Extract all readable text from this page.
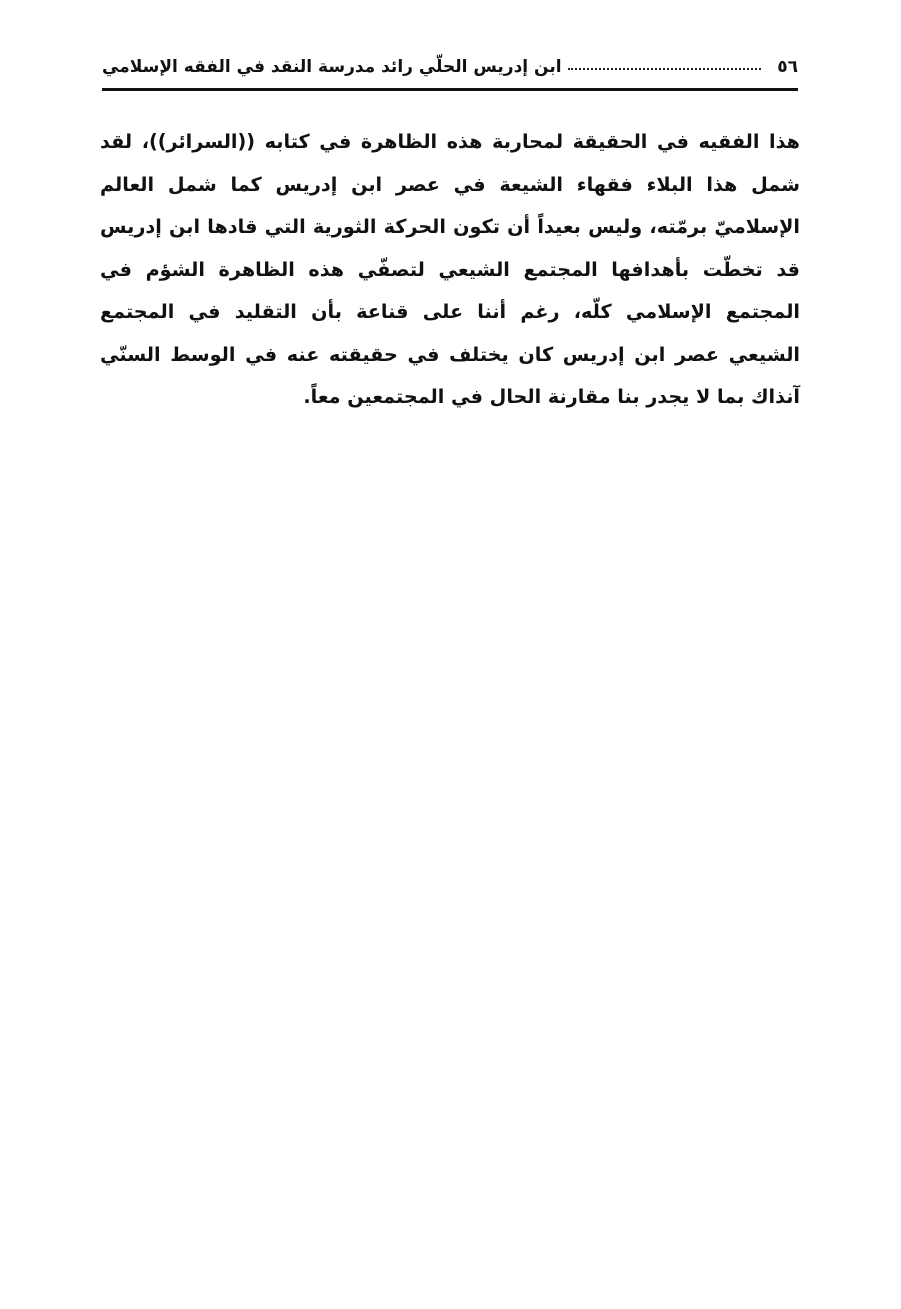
٥٦
ابن إدريس الحلّي رائد مدرسة النقد في الفقه الإسلامي

هذا الفقيه في الحقيقة لمحاربة هذه الظاهرة في كتابه ((السرائر))، لقد شمل هذا البلاء فقهاء الشيعة في عصر ابن إدريس كما شمل العالم الإسلاميّ برمّته، وليس بعيداً أن تكون الحركة الثورية التي قادها ابن إدريس قد تخطّت بأهدافها المجتمع الشيعي لتصفّي هذه الظاهرة الشؤم في المجتمع الإسلامي كلّه، رغم أننا على قناعة بأن التقليد في المجتمع الشيعي عصر ابن إدريس كان يختلف في حقيقته عنه في الوسط السنّي آنذاك بما لا يجدر بنا مقارنة الحال في المجتمعين معاً.
